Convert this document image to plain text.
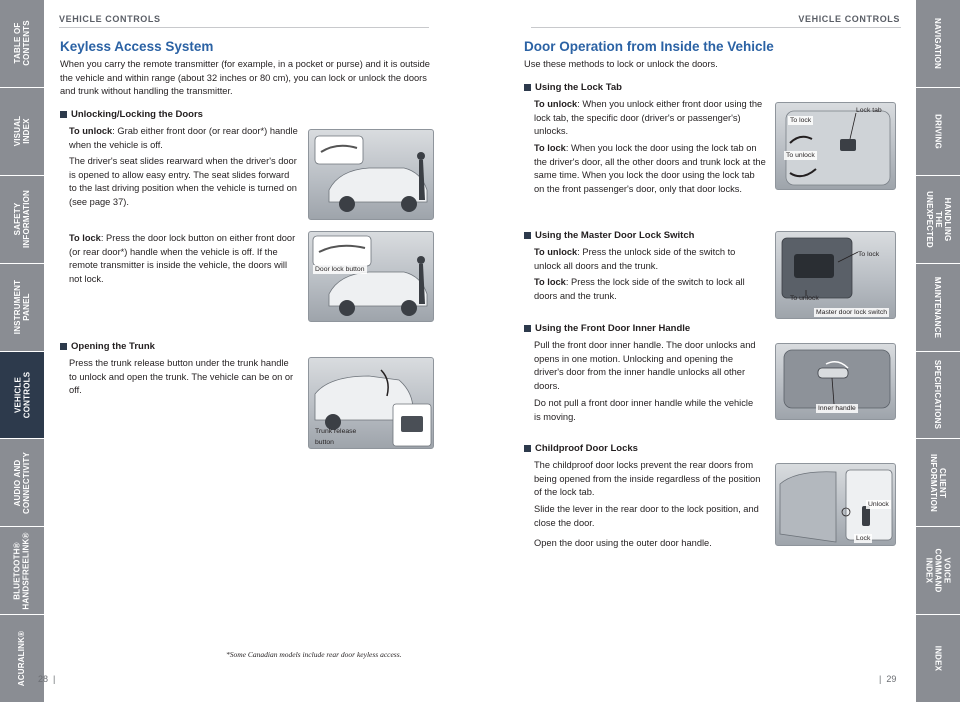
TABLE OF
CONTENTS
VISUAL INDEX
SAFETY
INFORMATION
INSTRUMENT
PANEL
VEHICLE
CONTROLS
AUDIO AND
CONNECTIVITY
BLUETOOTH®
HANDSFREELINK®
ACURALINK®
NAVIGATION
DRIVING
HANDLING THE
UNEXPECTED
MAINTENANCE
SPECIFICATIONS
CLIENT
INFORMATION
VOICE COMMAND
INDEX
INDEX
VEHICLE CONTROLS	VEHICLE CONTROLS
Keyless Access System
When you carry the remote transmitter (for example, in a pocket or purse) and it is outside the vehicle and within range (about 32 inches or 80 cm), you can lock or unlock the doors and trunk without handling the transmitter.
Unlocking/Locking the Doors
To unlock: Grab either front door (or rear door*) handle when the vehicle is off.
The driver's seat slides rearward when the driver's door is opened to allow easy entry. The seat slides forward to the last driving position when the vehicle is turned on (see page 37).
To lock: Press the door lock button on either front door (or rear door*) handle when the vehicle is off. If the remote transmitter is inside the vehicle, the doors will not lock.
Opening the Trunk
Press the trunk release button under the trunk handle to unlock and open the trunk. The vehicle can be on or off.
Door lock button
Trunk release
button
*Some Canadian models include rear door keyless access.
28  |
Door Operation from Inside the Vehicle
Use these methods to lock or unlock the doors.
Using the Lock Tab
To unlock: When you unlock either front door using the lock tab, the specific door (driver's or passenger's) unlocks.
To lock: When you lock the door using the lock tab on the driver's door, all the other doors and trunk lock at the same time. When you lock the door using the lock tab on the front passenger's door, only that door locks.
Using the Master Door Lock Switch
To unlock: Press the unlock side of the switch to unlock all doors and the trunk.
To lock: Press the lock side of the switch to lock all doors and the trunk.
Using the Front Door Inner Handle
Pull the front door inner handle. The door unlocks and opens in one motion. Unlocking and opening the driver's door from the inner handle unlocks all other doors.
Do not pull a front door inner handle while the vehicle is moving.
Childproof Door Locks
The childproof door locks prevent the rear doors from being opened from the inside regardless of the position of the lock tab.
Slide the lever in the rear door to the lock position, and close the door.
Open the door using the outer door handle.
Lock tab
To lock
To unlock
To lock
To unlock
Master door lock switch
Inner handle
Unlock
Lock
|  29
